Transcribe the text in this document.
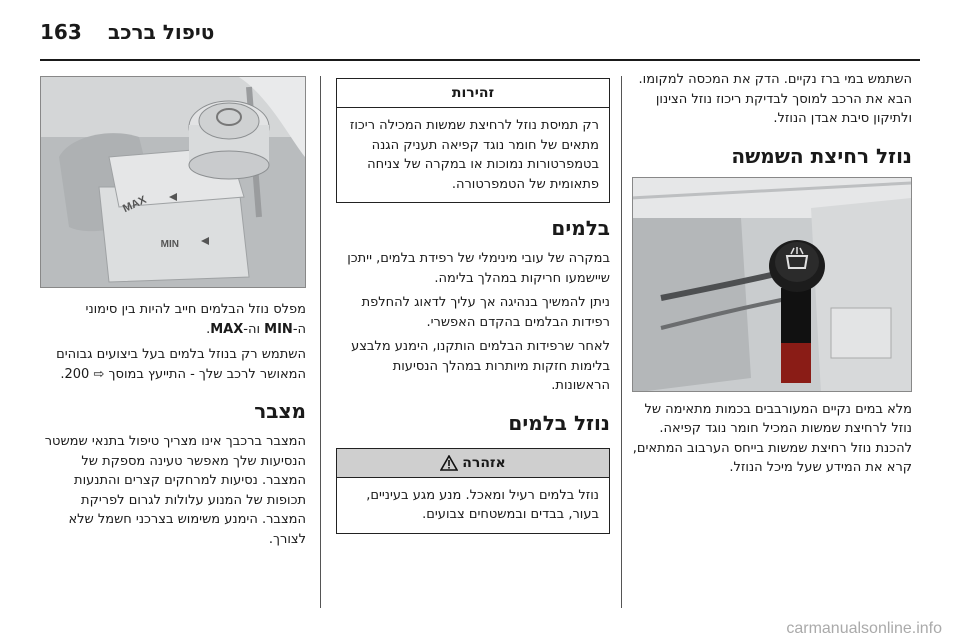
163 טיפול ברכב

השתמש במי ברז נקיים. הדק את המכסה למקומו. הבא את הרכב למוסך לבדיקת ריכוז נוזל הצינון ולתיקון סיבת אבדן הנוזל.

נוזל רחיצת השמשה

מלא במים נקיים המעורבבים בכמות מתאימה של נוזל לרחיצת שמשות המכיל חומר נוגד קפיאה. להכנת נוזל רחיצת שמשות בייחס הערבוב המתאים, קרא את המידע שעל מיכל הנוזל.

זהירות
רק תמיסת נוזל לרחיצת שמשות המכילה ריכוז מתאים של חומר נוגד קפיאה תעניק הגנה בטמפרטורות נמוכות או במקרה של צניחה פתאומית של הטמפרטורה.
בלמים

במקרה של עובי מינימלי של רפידת בלמים, ייתכן שיישמעו חריקות במהלך בלימה.

ניתן להמשיך בנהיגה אך עליך לדאוג להחלפת רפידות הבלמים בהקדם האפשרי.

לאחר שרפידות הבלמים הותקנו, הימנע מלבצע בלימות חזקות מיותרות במהלך הנסיעות הראשונות.

נוזל בלמים
אזהרה
נוזל בלמים רעיל ומאכל. מנע מגע בעיניים, בעור, בבדים ובמשטחים צבועים.
MAX
MIN

מפלס נוזל הבלמים חייב להיות בין סימוני ה-MIN וה-MAX.

השתמש רק בנוזל בלמים בעל ביצועים גבוהים המאושר לרכב שלך - התייעץ במוסך ⇨ 200.

מצבר

המצבר ברכבך אינו מצריך טיפול בתנאי שמשטר הנסיעות שלך מאפשר טעינה מספקת של המצבר. נסיעות למרחקים קצרים והתנעות תכופות של המנוע עלולות לגרום לפריקת המצבר. הימנע משימוש בצרכני חשמל שלא לצורך.

carmanualsonline.info
